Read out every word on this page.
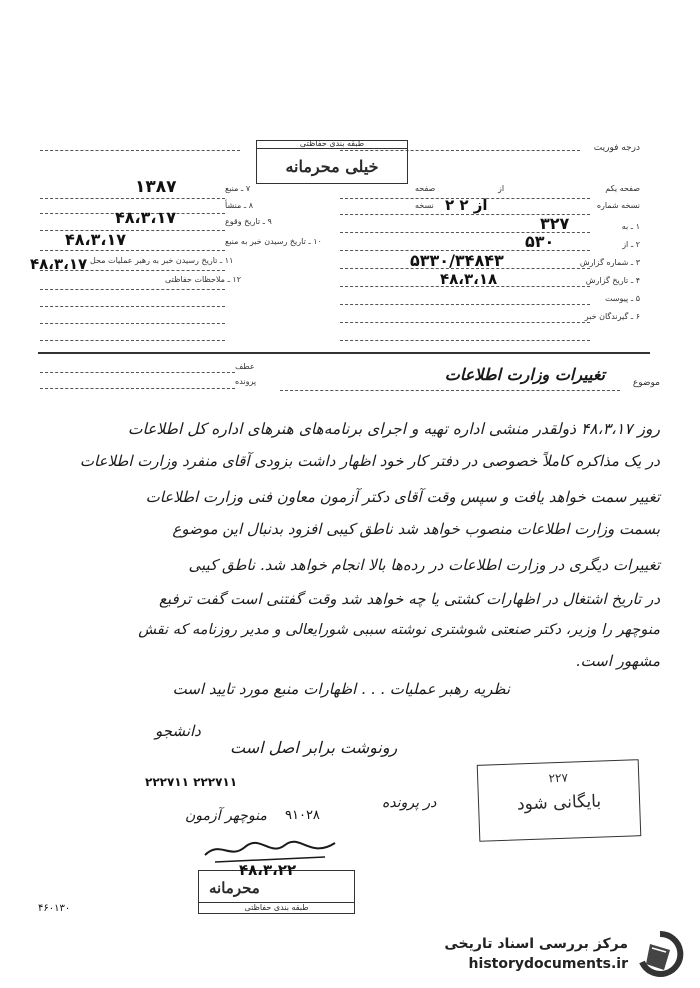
درجه فوریت
طبقه بندی حفاظتی
خیلی محرمانه
۷ ـ منبع
۱۳۸۷
۸ ـ منشأ
۹ ـ تاریخ وقوع
۴۸،۳،۱۷
۱۰ ـ تاریخ رسیدن خبر به منبع
۴۸،۳،۱۷
۱۱ ـ تاریخ رسیدن خبر به رهبر عملیات محل
۴۸،۳،۱۷
۱۲ ـ ملاحظات حفاظتی
صفحه	از	صفحه یکم
نسخه	نسخه شماره
۲ از ۲
۱ ـ به
۳۲۷
۲ ـ از
۵۳۰
۳ ـ شماره گزارش
۵۳۳۰/۳۴۸۴۳
۴ ـ تاریخ گزارش
۴۸،۳،۱۸
۵ ـ پیوست
۶ ـ گیرندگان خبر
عطف
پرونده	موضوع
تغییرات وزارت اطلاعات
روز ۴۸،۳،۱۷ ذولقدر منشی اداره تهیه و اجرای برنامه‌های هنرهای اداره کل اطلاعات
در یک مذاکره کاملاً خصوصی در دفتر کار خود اظهار داشت بزودی آقای منفرد وزارت اطلاعات
تغییر سمت خواهد یافت و سپس وقت آقای دکتر آزمون معاون فنی وزارت اطلاعات
بسمت وزارت اطلاعات منصوب خواهد شد ناطق کیبی افزود بدنبال این موضوع
تغییرات دیگری در وزارت اطلاعات در رده‌ها بالا انجام خواهد شد. ناطق کیبی
در تاریخ اشتغال در اظهارات کشتی یا چه خواهد شد وقت گفتنی است گفت ترفیع
منوچهر را وزیر، دکتر صنعتی شوشتری نوشته سببی شورایعالی و مدیر روزنامه که نقش
مشهور است.
نظریه رهبر عملیات . . . اظهارات منبع مورد تایید است
دانشجو
رونوشت برابر اصل است
۲۲۲۷۱۱ ۲۲۲۷۱۱	۲۲۷
بایگانی شود
در پرونده
۹۱۰۲۸
منوچهر آزمون
۴۸،۳،۲۲
محرمانه
طبقه بندی حفاظتی
۴۶۰۱۳۰
مرکز بررسی اسناد تاریخی
historydocuments.ir
